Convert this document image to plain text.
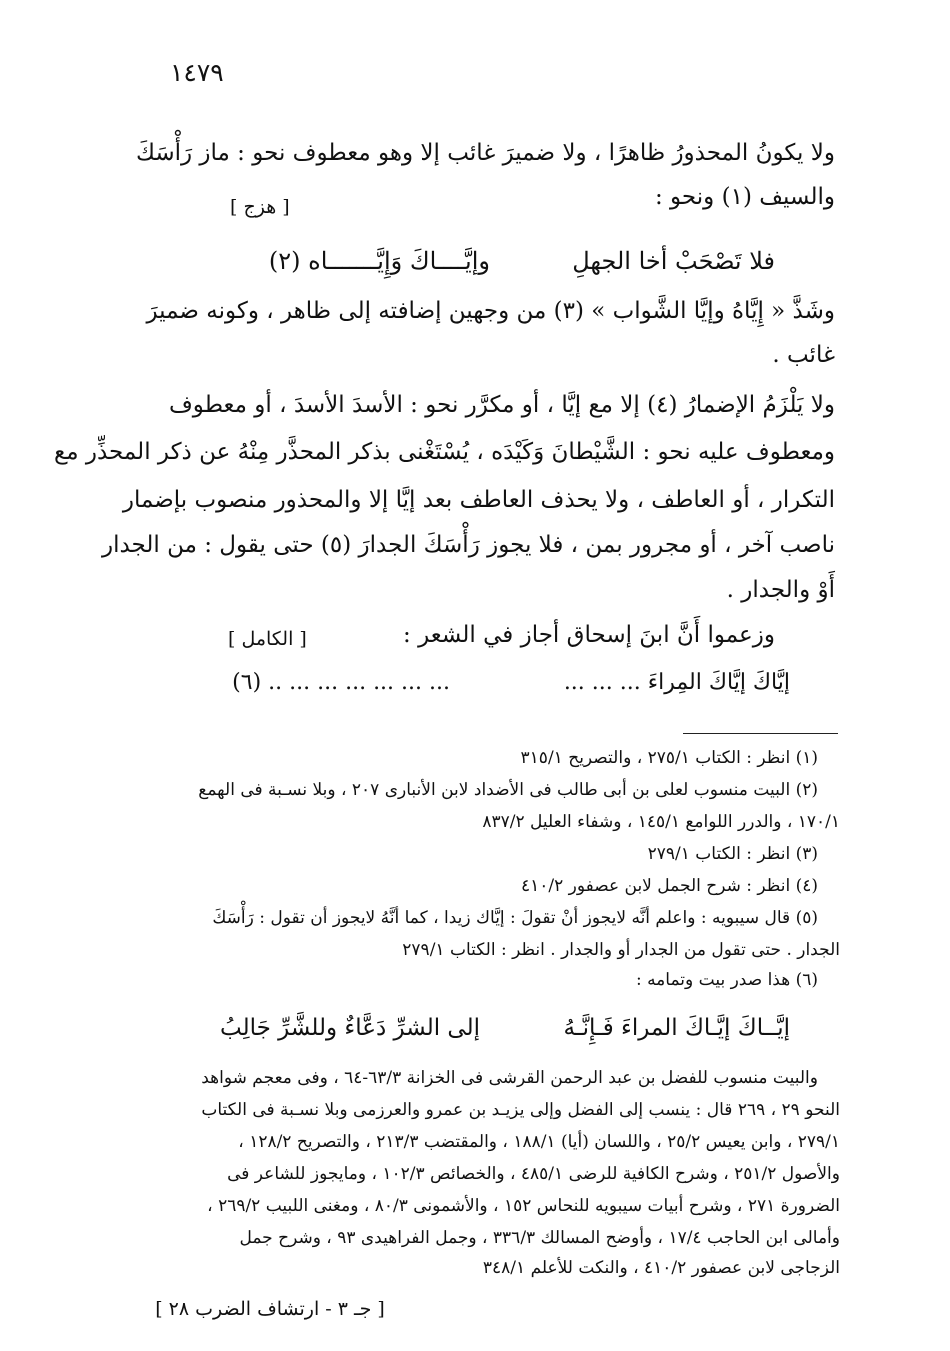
١٤٧٩
ولا يكونُ المحذورُ ظاهرًا ، ولا ضميرَ غائب إلا وهو معطوف نحو : ماز رَأْسَكَ
والسيف (١) ونحو :
[ هزج ]
فلا تَصْحَبْ أخا الجهلِ
وإيَّــــاكَ وَإِيَّـــــــاه (٢)
وشَذَّ « إِيَّاهُ وإيَّا الشَّواب » (٣) من وجهين إضافته إلى ظاهر ، وكونه ضميرَ
غائب .
ولا يَلْزَمُ الإضمارُ (٤) إلا مع إيَّا ، أو مكرَّر نحو : الأسدَ الأسدَ ، أو معطوف
ومعطوف عليه نحو : الشَّيْطانَ وَكَيْدَه ، يُسْتَغْنى بذكر المحذَّر مِنْهُ عن ذكر المحذِّر مع
التكرار ، أو العاطف ، ولا يحذف العاطف بعد إيَّا إلا والمحذور منصوب بإضمار
ناصب آخر ، أو مجرور بمن ، فلا يجوز رَأْسَكَ الجدارَ (٥) حتى يقول : من الجدار
أَوْ والجدار .
وزعموا أَنَّ ابنَ إسحاق أجاز في الشعر :
[ الكامل ]
إيَّاكَ إيَّاكَ المِراءَ ... ... ...
... ... ... ... ... ... .. (٦)
(١) انظر : الكتاب ٢٧٥/١ ، والتصريح ٣١٥/١
(٢) البيت منسوب لعلى بن أبى طالب فى الأضداد لابن الأنبارى ٢٠٧ ، وبلا نسـبة فى الهمع
١٧٠/١ ، والدرر اللوامع ١٤٥/١ ، وشفاء العليل ٨٣٧/٢
(٣) انظر : الكتاب ٢٧٩/١
(٤) انظر : شرح الجمل لابن عصفور ٤١٠/٢
(٥) قال سيبويه : واعلم أنَّه لايجوز أنْ تقولَ : إيَّاك زيدا ، كما أنَّهُ لايجوز أن تقول : رَأْسَكَ
الجدار . حتى تقول من الجدار أو والجدار . انظر : الكتاب ٢٧٩/١
(٦) هذا صدر بيت وتمامه :
إيَّــاكَ إيَّـاكَ المراءَ فَـإِنَّـهُ
إلى الشرِّ دَعَّاءٌ وللشَّرِّ جَالِبُ
والبيت منسوب للفضل بن عبد الرحمن القرشى فى الخزانة ٦٣/٣-٦٤ ، وفى معجم شواهد
النحو ٢٩ ، ٢٦٩ قال : ينسب إلى الفضل وإلى يزيـد بن عمرو والعرزمى وبلا نسـبة فى الكتاب
٢٧٩/١ ، وابن يعيس ٢٥/٢ ، واللسان (أيا) ١٨٨/١ ، والمقتضب ٢١٣/٣ ، والتصريح ١٢٨/٢ ،
والأصول ٢٥١/٢ ، وشرح الكافية للرضى ٤٨٥/١ ، والخصائص ١٠٢/٣ ، ومايجوز للشاعر فى
الضرورة ٢٧١ ، وشرح أبيات سيبويه للنحاس ١٥٢ ، والأشمونى ٨٠/٣ ، ومغنى اللبيب ٢٦٩/٢ ،
وأمالى ابن الحاجب ١٧/٤ ، وأوضح المسالك ٣٣٦/٣ ، وجمل الفراهيدى ٩٣ ، وشرح جمل
الزجاجى لابن عصفور ٤١٠/٢ ، والنكت للأعلم ٣٤٨/١
[ جـ ٣ - ارتشاف الضرب ٢٨ ]
